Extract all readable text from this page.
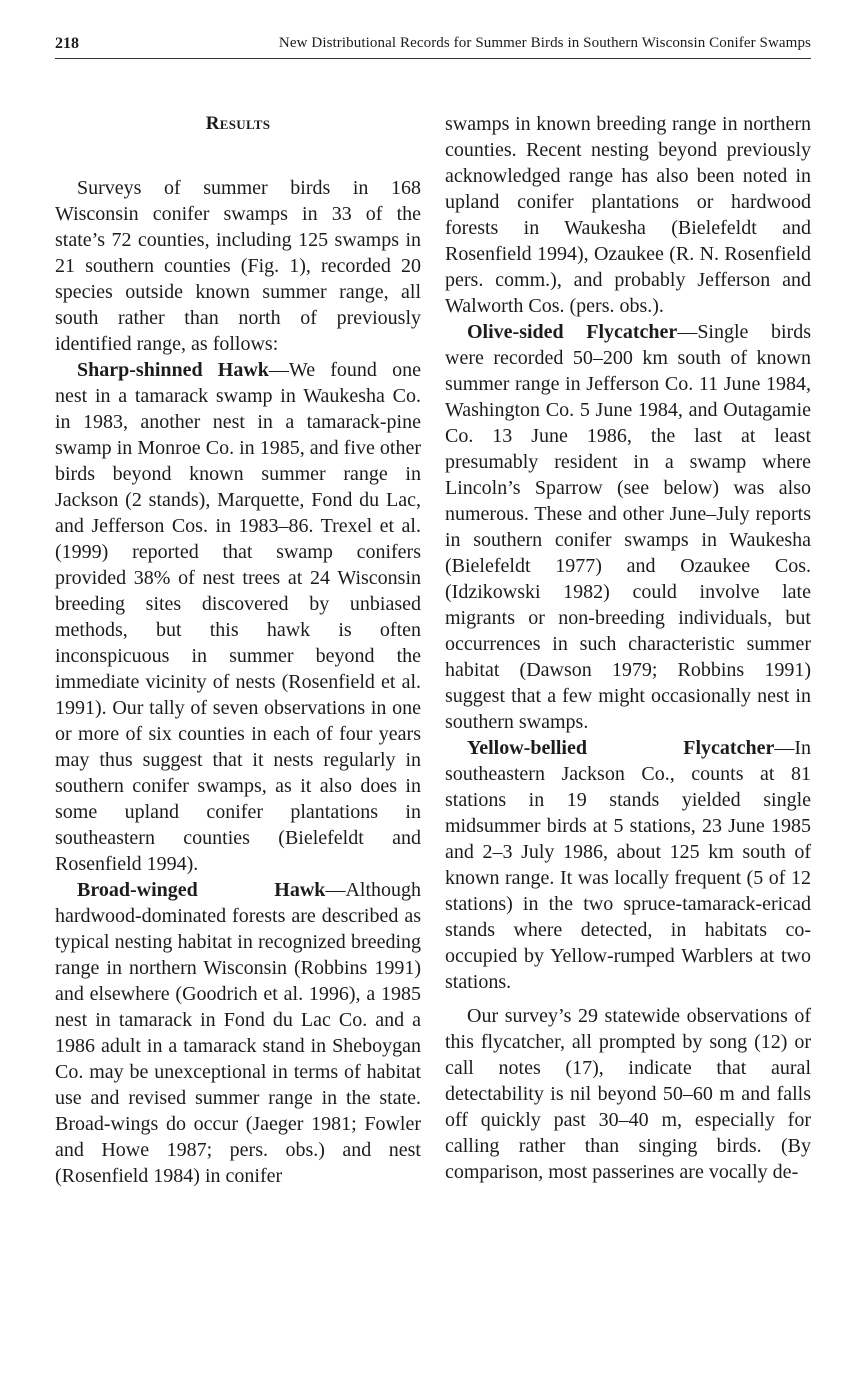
218	New Distributional Records for Summer Birds in Southern Wisconsin Conifer Swamps
Results

Surveys of summer birds in 168 Wisconsin conifer swamps in 33 of the state’s 72 counties, including 125 swamps in 21 southern counties (Fig. 1), recorded 20 species outside known summer range, all south rather than north of previously identified range, as follows:

Sharp-shinned Hawk—We found one nest in a tamarack swamp in Waukesha Co. in 1983, another nest in a tamarack-pine swamp in Monroe Co. in 1985, and five other birds beyond known summer range in Jackson (2 stands), Marquette, Fond du Lac, and Jefferson Cos. in 1983–86. Trexel et al. (1999) reported that swamp conifers provided 38% of nest trees at 24 Wisconsin breeding sites discovered by unbiased methods, but this hawk is often inconspicuous in summer beyond the immediate vicinity of nests (Rosenfield et al. 1991). Our tally of seven observations in one or more of six counties in each of four years may thus suggest that it nests regularly in southern conifer swamps, as it also does in some upland conifer plantations in southeastern counties (Bielefeldt and Rosenfield 1994).

Broad-winged Hawk—Although hardwood-dominated forests are described as typical nesting habitat in recognized breeding range in northern Wisconsin (Robbins 1991) and elsewhere (Goodrich et al. 1996), a 1985 nest in tamarack in Fond du Lac Co. and a 1986 adult in a tamarack stand in Sheboygan Co. may be unexceptional in terms of habitat use and revised summer range in the state. Broad-wings do occur (Jaeger 1981; Fowler and Howe 1987; pers. obs.) and nest (Rosenfield 1984) in conifer

swamps in known breeding range in northern counties. Recent nesting beyond previously acknowledged range has also been noted in upland conifer plantations or hardwood forests in Waukesha (Bielefeldt and Rosenfield 1994), Ozaukee (R. N. Rosenfield pers. comm.), and probably Jefferson and Walworth Cos. (pers. obs.).

Olive-sided Flycatcher—Single birds were recorded 50–200 km south of known summer range in Jefferson Co. 11 June 1984, Washington Co. 5 June 1984, and Outagamie Co. 13 June 1986, the last at least presumably resident in a swamp where Lincoln’s Sparrow (see below) was also numerous. These and other June–July reports in southern conifer swamps in Waukesha (Bielefeldt 1977) and Ozaukee Cos. (Idzikowski 1982) could involve late migrants or non-breeding individuals, but occurrences in such characteristic summer habitat (Dawson 1979; Robbins 1991) suggest that a few might occasionally nest in southern swamps.

Yellow-bellied Flycatcher—In southeastern Jackson Co., counts at 81 stations in 19 stands yielded single midsummer birds at 5 stations, 23 June 1985 and 2–3 July 1986, about 125 km south of known range. It was locally frequent (5 of 12 stations) in the two spruce-tamarack-ericad stands where detected, in habitats co-occupied by Yellow-rumped Warblers at two stations.

Our survey’s 29 statewide observations of this flycatcher, all prompted by song (12) or call notes (17), indicate that aural detectability is nil beyond 50–60 m and falls off quickly past 30–40 m, especially for calling rather than singing birds. (By comparison, most passerines are vocally de-
